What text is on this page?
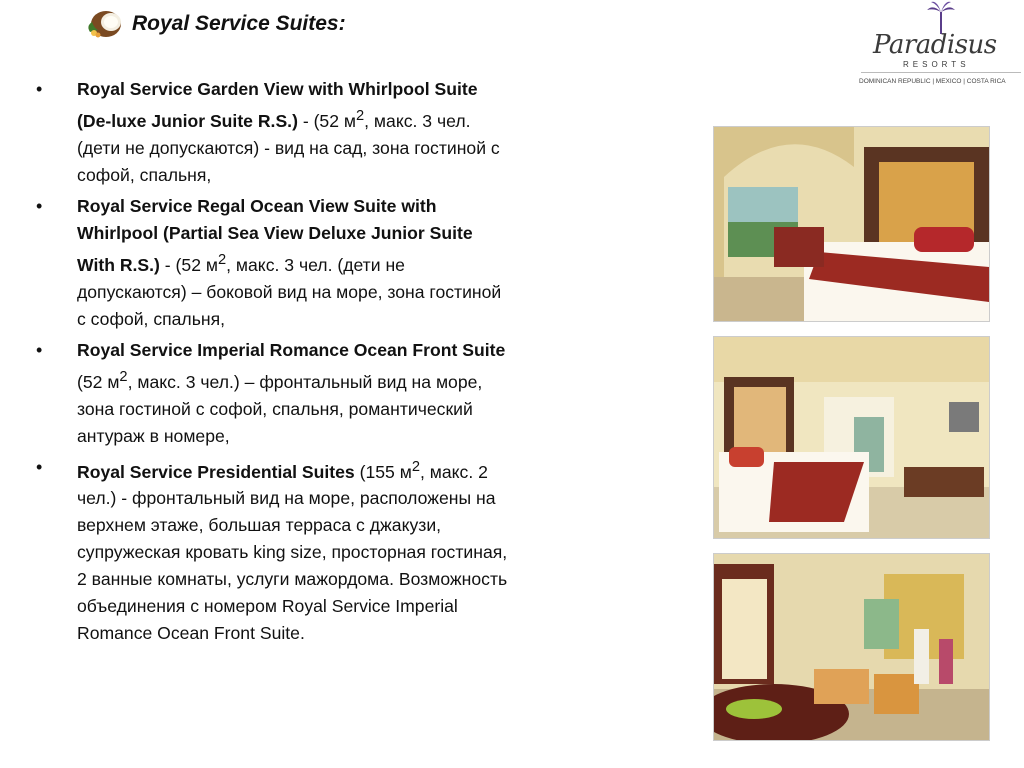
Royal Service Suites:
Paradisus
RESORTS
DOMINICAN REPUBLIC | MEXICO | COSTA RICA
• Royal Service Garden View with Whirlpool Suite (De-luxe Junior Suite R.S.) - (52 $м^2$, макс. 3 чел.(дети не допускаются) - вид на сад, зона гостиной с софой, спальня,
• Royal Service Regal Ocean View Suite with Whirlpool (Partial Sea View Deluxe Junior Suite With R.S.) - (52 $м^2$, макс. 3 чел. (дети не допускаются) – боковой вид на море, зона гостиной с софой, спальня,
• Royal Service Imperial Romance Ocean Front Suite (52 $м^2$, макс. 3 чел.) – фронтальный вид на море, зона гостиной с софой, спальня, романтический антураж в номере,
• Royal Service Presidential Suites (155 $м^2$, макс. 2 чел.) - фронтальный вид на море, расположены на верхнем этаже, большая терраса с джакузи, супружеская кровать king size, просторная гостиная, 2 ванные комнаты, услуги мажордома. Возможность объединения с номером Royal Service Imperial Romance Ocean Front Suite.
